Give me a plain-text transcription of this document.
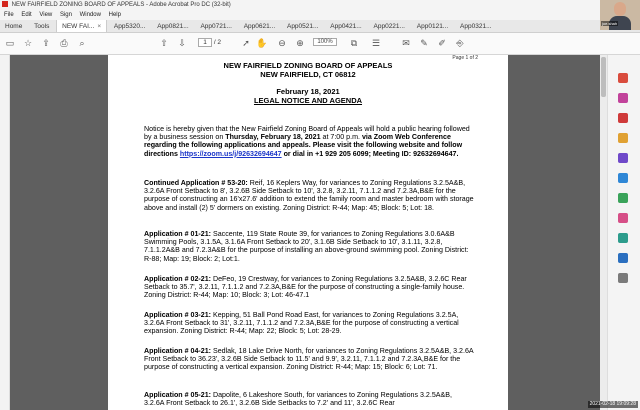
NEW FAIRFIELD ZONING BOARD OF APPEALS - Adobe Acrobat Pro DC (32-bit)
File Edit View Sign Window Help
Home Tools NEW FAI... × App5320... App0821... App0721... App0621... App0521... App0421... App0221... App0121... App0321...
▭ ☆ ⇪ ⎙	⌕	⇧ ⇩	1 / 2 ➚ ✋ ⊖ ⊕	100%	⧉	☰ ✉ ✎ ✐ ⎆
Page 1 of 2
NEW FAIRFIELD ZONING BOARD OF APPEALS
NEW FAIRFIELD, CT 06812
February 18, 2021
LEGAL NOTICE AND AGENDA
Notice is hereby given that the New Fairfield Zoning Board of Appeals will hold a public hearing followed by a business session on Thursday, February 18, 2021 at 7:00 p.m. via Zoom Web Conference regarding the following applications and appeals. Please visit the following website and follow directions https://zoom.us/j/92632694647 or dial in +1 929 205 6099; Meeting ID: 92632694647.
Continued Application # 53-20: Reif, 16 Keplers Way, for variances to Zoning Regulations 3.2.5A&B, 3.2.6A Front Setback to 8', 3.2.6B Side Setback to 10', 3.2.8, 3.2.11, 7.1.1.2 and 7.2.3A,B&E for the purpose of constructing an 16'x27.6' addition to extend the family room and master bedroom with storage above and install (2) 5' dormers on existing. Zoning District: R-44; Map: 45; Block: 5; Lot: 18.
Application # 01-21: Saccente, 119 State Route 39, for variances to Zoning Regulations 3.0.6A&B Swimming Pools, 3.1.5A, 3.1.6A Front Setback to 20', 3.1.6B Side Setback to 10', 3.1.11, 3.2.8, 7.1.1.2A&B and 7.2.3A&B for the purpose of installing an above-ground swimming pool. Zoning District: R-88; Map: 19; Block: 2; Lot:1.
Application # 02-21: DeFeo, 19 Crestway, for variances to Zoning Regulations 3.2.5A&B, 3.2.6C Rear Setback to 35.7', 3.2.11, 7.1.1.2 and 7.2.3A,B&E for the purpose of constructing a single-family house. Zoning District: R-44; Map: 10; Block: 3; Lot: 46-47.1
Application # 03-21: Kepping, 51 Ball Pond Road East, for variances to Zoning Regulations 3.2.5A, 3.2.6A Front Setback to 31', 3.2.11, 7.1.1.2 and 7.2.3A,B&E for the purpose of constructing a vertical expansion. Zoning District: R-44; Map: 22; Block: 5; Lot: 28-29.
Application # 04-21: Sedlak, 18 Lake Drive North, for variances to Zoning Regulations 3.2.5A&B, 3.2.6A Front Setback to 36.23', 3.2.6B Side Setback to 11.5' and 9.9', 3.2.11, 7.1.1.2 and 7.2.3A,B&E for the purpose of constructing a vertical expansion. Zoning District: R-44; Map: 15; Block: 6; Lot: 71.
Application # 05-21: Dapolite, 6 Lakeshore South, for variances to Zoning Regulations 3.2.5A&B, 3.2.6A Front Setback to 26.1', 3.2.6B Side Setbacks to 7.2' and 11', 3.2.6C Rear
joe.shah
2021-02-18 19:09:28
